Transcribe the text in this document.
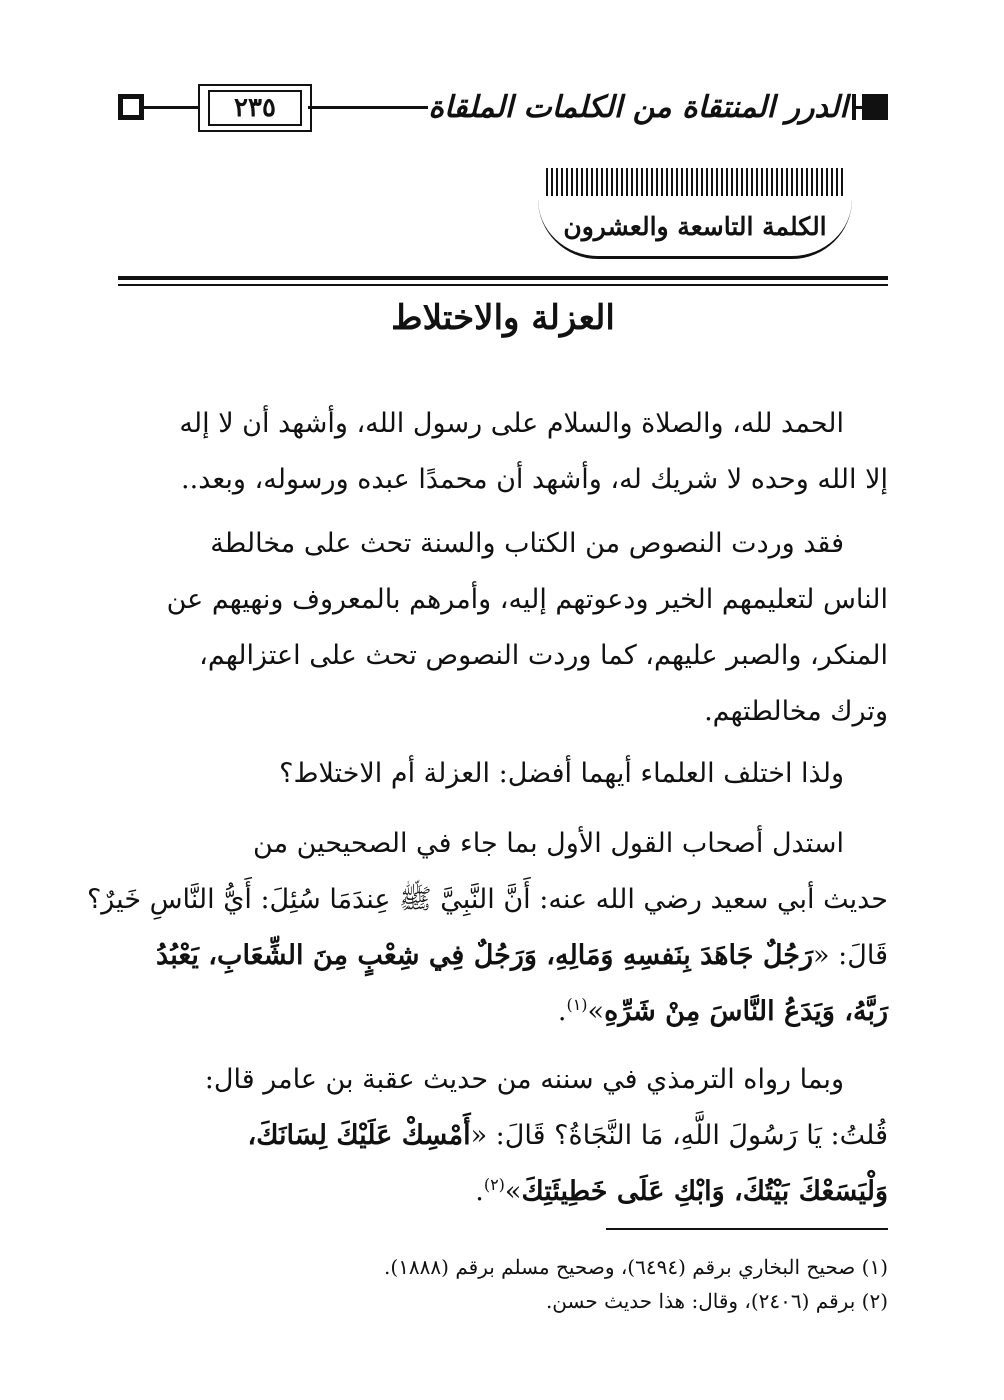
٢٣٥	الدرر المنتقاة من الكلمات الملقاة
الكلمة التاسعة والعشرون
العزلة والاختلاط
الحمد لله، والصلاة والسلام على رسول الله، وأشهد أن لا إله
إلا الله وحده لا شريك له، وأشهد أن محمدًا عبده ورسوله، وبعد..
فقد وردت النصوص من الكتاب والسنة تحث على مخالطة
الناس لتعليمهم الخير ودعوتهم إليه، وأمرهم بالمعروف ونهيهم عن
المنكر، والصبر عليهم، كما وردت النصوص تحث على اعتزالهم،
وترك مخالطتهم.
ولذا اختلف العلماء أيهما أفضل: العزلة أم الاختلاط؟
استدل أصحاب القول الأول بما جاء في الصحيحين من
حديث أبي سعيد رضي الله عنه: أَنَّ النَّبِيَّ ﷺ عِندَمَا سُئِلَ: أَيُّ النَّاسِ خَيرٌ؟
قَالَ: «رَجُلٌ جَاهَدَ بِنَفسِهِ وَمَالِهِ، وَرَجُلٌ فِي شِعْبٍ مِنَ الشِّعَابِ، يَعْبُدُ
رَبَّهُ، وَيَدَعُ النَّاسَ مِنْ شَرِّهِ»$^{(١)}$.
وبما رواه الترمذي في سننه من حديث عقبة بن عامر قال:
قُلتُ: يَا رَسُولَ اللَّهِ، مَا النَّجَاةُ؟ قَالَ: «أَمْسِكْ عَلَيْكَ لِسَانَكَ،
وَلْيَسَعْكَ بَيْتُكَ، وَابْكِ عَلَى خَطِيئَتِكَ»$^{(٢)}$.
(١) صحيح البخاري برقم (٦٤٩٤)، وصحيح مسلم برقم (١٨٨٨).
(٢) برقم (٢٤٠٦)، وقال: هذا حديث حسن.
